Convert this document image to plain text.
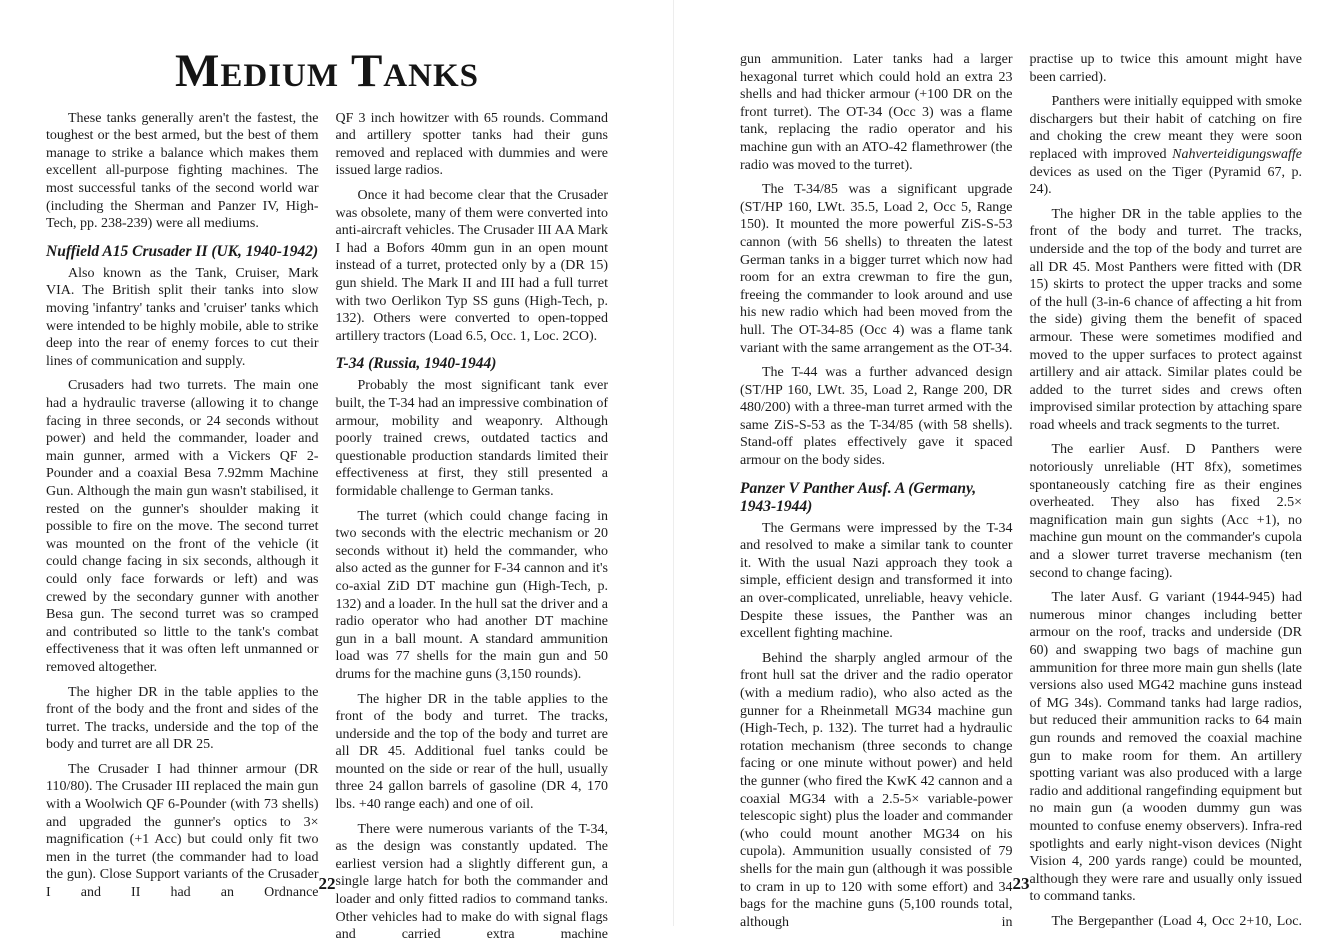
Medium Tanks
These tanks generally aren't the fastest, the toughest or the best armed, but the best of them manage to strike a balance which makes them excellent all-purpose fighting machines. The most successful tanks of the second world war (including the Sherman and Panzer IV, High-Tech, pp. 238-239) were all mediums.
Nuffield A15 Crusader II (UK, 1940-1942)
Also known as the Tank, Cruiser, Mark VIA. The British split their tanks into slow moving 'infantry' tanks and 'cruiser' tanks which were intended to be highly mobile, able to strike deep into the rear of enemy forces to cut their lines of communication and supply.
Crusaders had two turrets. The main one had a hydraulic traverse (allowing it to change facing in three seconds, or 24 seconds without power) and held the commander, loader and main gunner, armed with a Vickers QF 2-Pounder and a coaxial Besa 7.92mm Machine Gun. Although the main gun wasn't stabilised, it rested on the gunner's shoulder making it possible to fire on the move. The second turret was mounted on the front of the vehicle (it could change facing in six seconds, although it could only face forwards or left) and was crewed by the secondary gunner with another Besa gun. The second turret was so cramped and contributed so little to the tank's combat effectiveness that it was often left unmanned or removed altogether.
The higher DR in the table applies to the front of the body and the front and sides of the turret. The tracks, underside and the top of the body and turret are all DR 25.
The Crusader I had thinner armour (DR 110/80). The Crusader III replaced the main gun with a Woolwich QF 6-Pounder (with 73 shells) and upgraded the gunner's optics to 3× magnification (+1 Acc) but could only fit two men in the turret (the commander had to load the gun). Close Support variants of the Crusader I and II had an Ordnance
QF 3 inch howitzer with 65 rounds. Command and artillery spotter tanks had their guns removed and replaced with dummies and were issued large radios.
Once it had become clear that the Crusader was obsolete, many of them were converted into anti-aircraft vehicles. The Crusader III AA Mark I had a Bofors 40mm gun in an open mount instead of a turret, protected only by a (DR 15) gun shield. The Mark II and III had a full turret with two Oerlikon Typ SS guns (High-Tech, p. 132). Others were converted to open-topped artillery tractors (Load 6.5, Occ. 1, Loc. 2CO).
T-34 (Russia, 1940-1944)
Probably the most significant tank ever built, the T-34 had an impressive combination of armour, mobility and weaponry. Although poorly trained crews, outdated tactics and questionable production standards limited their effectiveness at first, they still presented a formidable challenge to German tanks.
The turret (which could change facing in two seconds with the electric mechanism or 20 seconds without it) held the commander, who also acted as the gunner for F-34 cannon and it's co-axial ZiD DT machine gun (High-Tech, p. 132) and a loader. In the hull sat the driver and a radio operator who had another DT machine gun in a ball mount. A standard ammunition load was 77 shells for the main gun and 50 drums for the machine guns (3,150 rounds).
The higher DR in the table applies to the front of the body and turret. The tracks, underside and the top of the body and turret are all DR 45. Additional fuel tanks could be mounted on the side or rear of the hull, usually three 24 gallon barrels of gasoline (DR 4, 170 lbs. +40 range each) and one of oil.
There were numerous variants of the T-34, as the design was constantly updated. The earliest version had a slightly different gun, a single large hatch for both the commander and loader and only fitted radios to command tanks. Other vehicles had to make do with signal flags and carried extra machine
22
gun ammunition. Later tanks had a larger hexagonal turret which could hold an extra 23 shells and had thicker armour (+100 DR on the front turret). The OT-34 (Occ 3) was a flame tank, replacing the radio operator and his machine gun with an ATO-42 flamethrower (the radio was moved to the turret).
The T-34/85 was a significant upgrade (ST/HP 160, LWt. 35.5, Load 2, Occ 5, Range 150). It mounted the more powerful ZiS-S-53 cannon (with 56 shells) to threaten the latest German tanks in a bigger turret which now had room for an extra crewman to fire the gun, freeing the commander to look around and use his new radio which had been moved from the hull. The OT-34-85 (Occ 4) was a flame tank variant with the same arrangement as the OT-34.
The T-44 was a further advanced design (ST/HP 160, LWt. 35, Load 2, Range 200, DR 480/200) with a three-man turret armed with the same ZiS-S-53 as the T-34/85 (with 58 shells). Stand-off plates effectively gave it spaced armour on the body sides.
Panzer V Panther Ausf. A (Germany, 1943-1944)
The Germans were impressed by the T-34 and resolved to make a similar tank to counter it. With the usual Nazi approach they took a simple, efficient design and transformed it into an over-complicated, unreliable, heavy vehicle. Despite these issues, the Panther was an excellent fighting machine.
Behind the sharply angled armour of the front hull sat the driver and the radio operator (with a medium radio), who also acted as the gunner for a Rheinmetall MG34 machine gun (High-Tech, p. 132). The turret had a hydraulic rotation mechanism (three seconds to change facing or one minute without power) and held the gunner (who fired the KwK 42 cannon and a coaxial MG34 with a 2.5-5× variable-power telescopic sight) plus the loader and commander (who could mount another MG34 on his cupola). Ammunition usually consisted of 79 shells for the main gun (although it was possible to cram in up to 120 with some effort) and 34 bags for the machine guns (5,100 rounds total, although in
practise up to twice this amount might have been carried).
Panthers were initially equipped with smoke dischargers but their habit of catching on fire and choking the crew meant they were soon replaced with improved Nahverteidigungswaffe devices as used on the Tiger (Pyramid 67, p. 24).
The higher DR in the table applies to the front of the body and turret. The tracks, underside and the top of the body and turret are all DR 45. Most Panthers were fitted with (DR 15) skirts to protect the upper tracks and some of the hull (3-in-6 chance of affecting a hit from the side) giving them the benefit of spaced armour. These were sometimes modified and moved to the upper surfaces to protect against artillery and air attack. Similar plates could be added to the turret sides and crews often improvised similar protection by attaching spare road wheels and track segments to the turret.
The earlier Ausf. D Panthers were notoriously unreliable (HT 8fx), sometimes spontaneously catching fire as their engines overheated. They also has fixed 2.5× magnification main gun sights (Acc +1), no machine gun mount on the commander's cupola and a slower turret traverse mechanism (ten second to change facing).
The later Ausf. G variant (1944-945) had numerous minor changes including better armour on the roof, tracks and underside (DR 60) and swapping two bags of machine gun ammunition for three more main gun shells (late versions also used MG42 machine guns instead of MG 34s). Command tanks had large radios, but reduced their ammunition racks to 64 main gun rounds and removed the coaxial machine gun to make room for them. An artillery spotting variant was also produced with a large radio and additional rangefinding equipment but no main gun (a wooden dummy gun was mounted to confuse enemy observers). Infra-red spotlights and early night-vison devices (Night Vision 4, 200 yards range) could be mounted, although they were rare and usually only issued to command tanks.
The Bergepanther (Load 4, Occ 2+10, Loc.
23
